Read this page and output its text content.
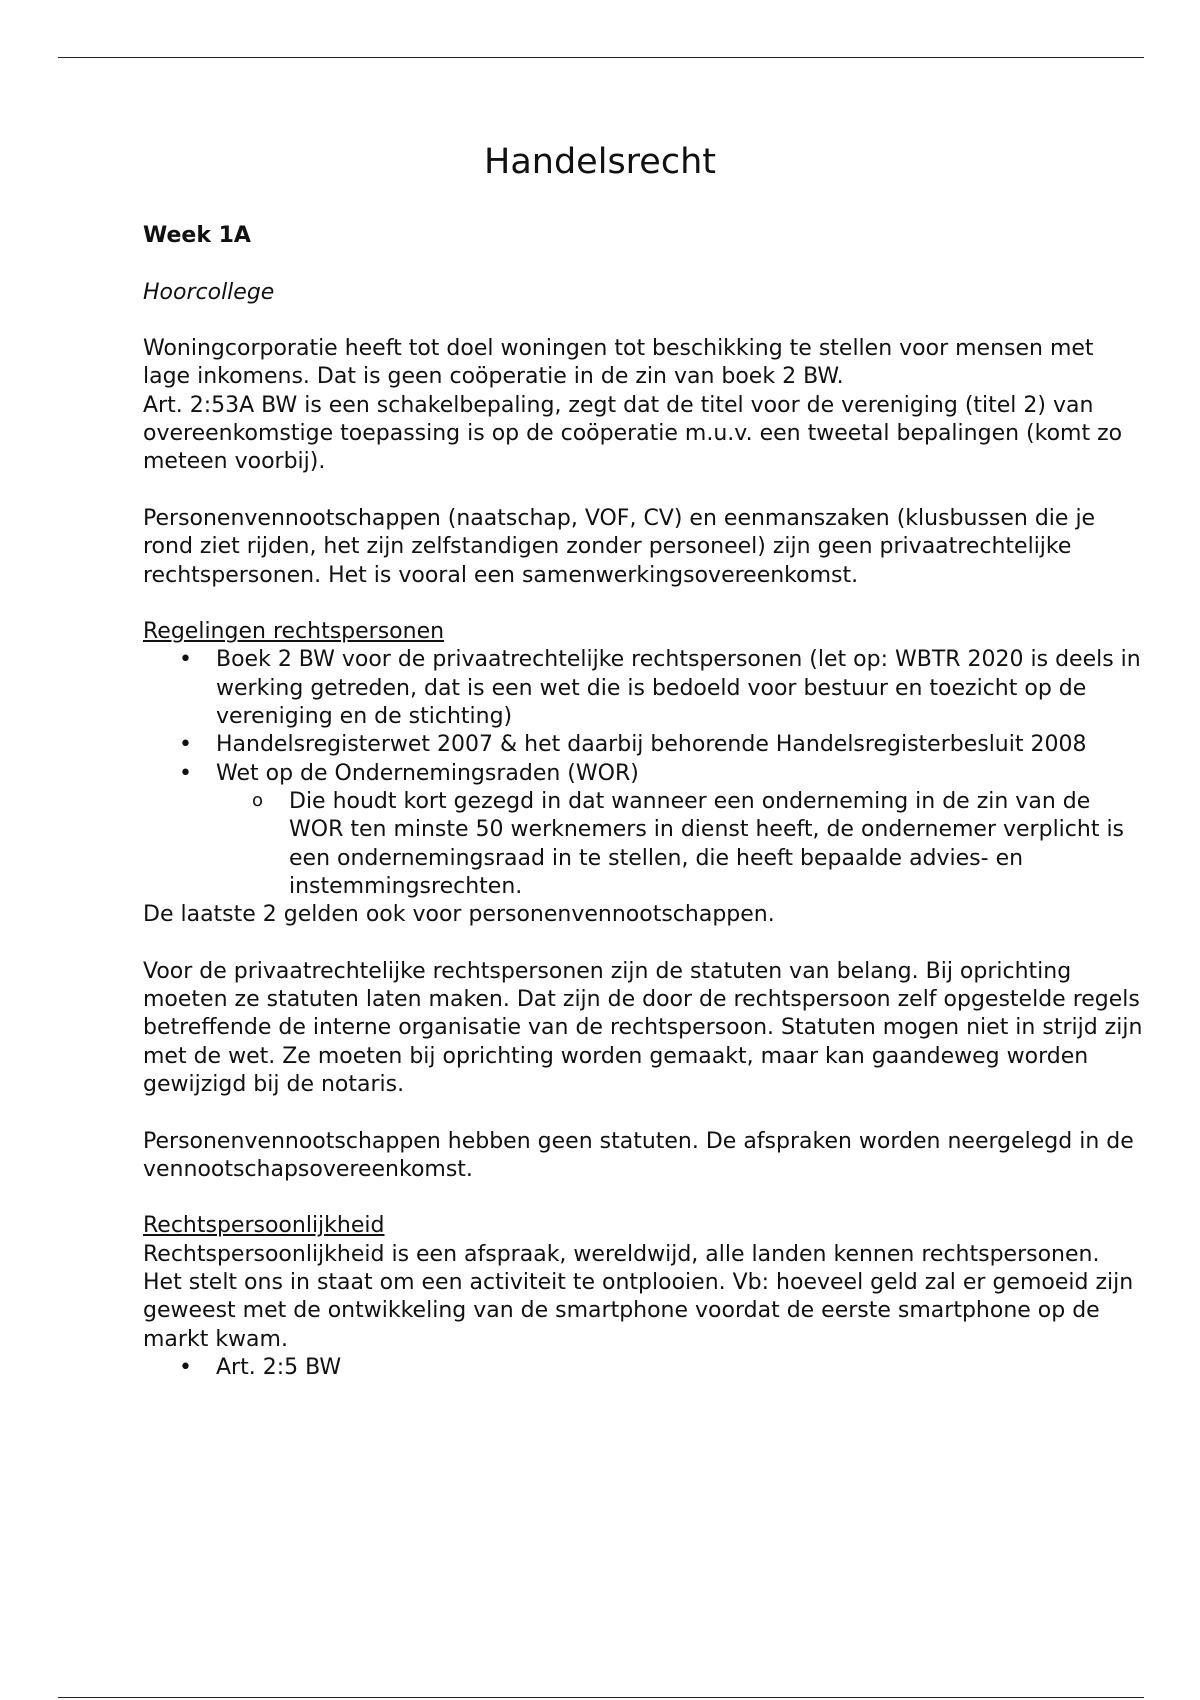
Handelsrecht

Week 1A

Hoorcollege

Woningcorporatie heeft tot doel woningen tot beschikking te stellen voor mensen met lage inkomens. Dat is geen coöperatie in de zin van boek 2 BW.

Art. 2:53A BW is een schakelbepaling, zegt dat de titel voor de vereniging (titel 2) van overeenkomstige toepassing is op de coöperatie m.u.v. een tweetal bepalingen (komt zo meteen voorbij).

Personenvennootschappen (naatschap, VOF, CV) en eenmanszaken (klusbussen die je rond ziet rijden, het zijn zelfstandigen zonder personeel) zijn geen privaatrechtelijke rechtspersonen. Het is vooral een samenwerkingsovereenkomst.

Regelingen rechtspersonen

• Boek 2 BW voor de privaatrechtelijke rechtspersonen (let op: WBTR 2020 is deels in werking getreden, dat is een wet die is bedoeld voor bestuur en toezicht op de vereniging en de stichting)
• Handelsregisterwet 2007 & het daarbij behorende Handelsregisterbesluit 2008
• Wet op de Ondernemingsraden (WOR)
o Die houdt kort gezegd in dat wanneer een onderneming in de zin van de WOR ten minste 50 werknemers in dienst heeft, de ondernemer verplicht is een ondernemingsraad in te stellen, die heeft bepaalde advies- en instemmingsrechten.

De laatste 2 gelden ook voor personenvennootschappen.

Voor de privaatrechtelijke rechtspersonen zijn de statuten van belang. Bij oprichting moeten ze statuten laten maken. Dat zijn de door de rechtspersoon zelf opgestelde regels betreffende de interne organisatie van de rechtspersoon. Statuten mogen niet in strijd zijn met de wet. Ze moeten bij oprichting worden gemaakt, maar kan gaandeweg worden gewijzigd bij de notaris.

Personenvennootschappen hebben geen statuten. De afspraken worden neergelegd in de vennootschapsovereenkomst.

Rechtspersoonlijkheid

Rechtspersoonlijkheid is een afspraak, wereldwijd, alle landen kennen rechtspersonen. Het stelt ons in staat om een activiteit te ontplooien. Vb: hoeveel geld zal er gemoeid zijn geweest met de ontwikkeling van de smartphone voordat de eerste smartphone op de markt kwam.

• Art. 2:5 BW
